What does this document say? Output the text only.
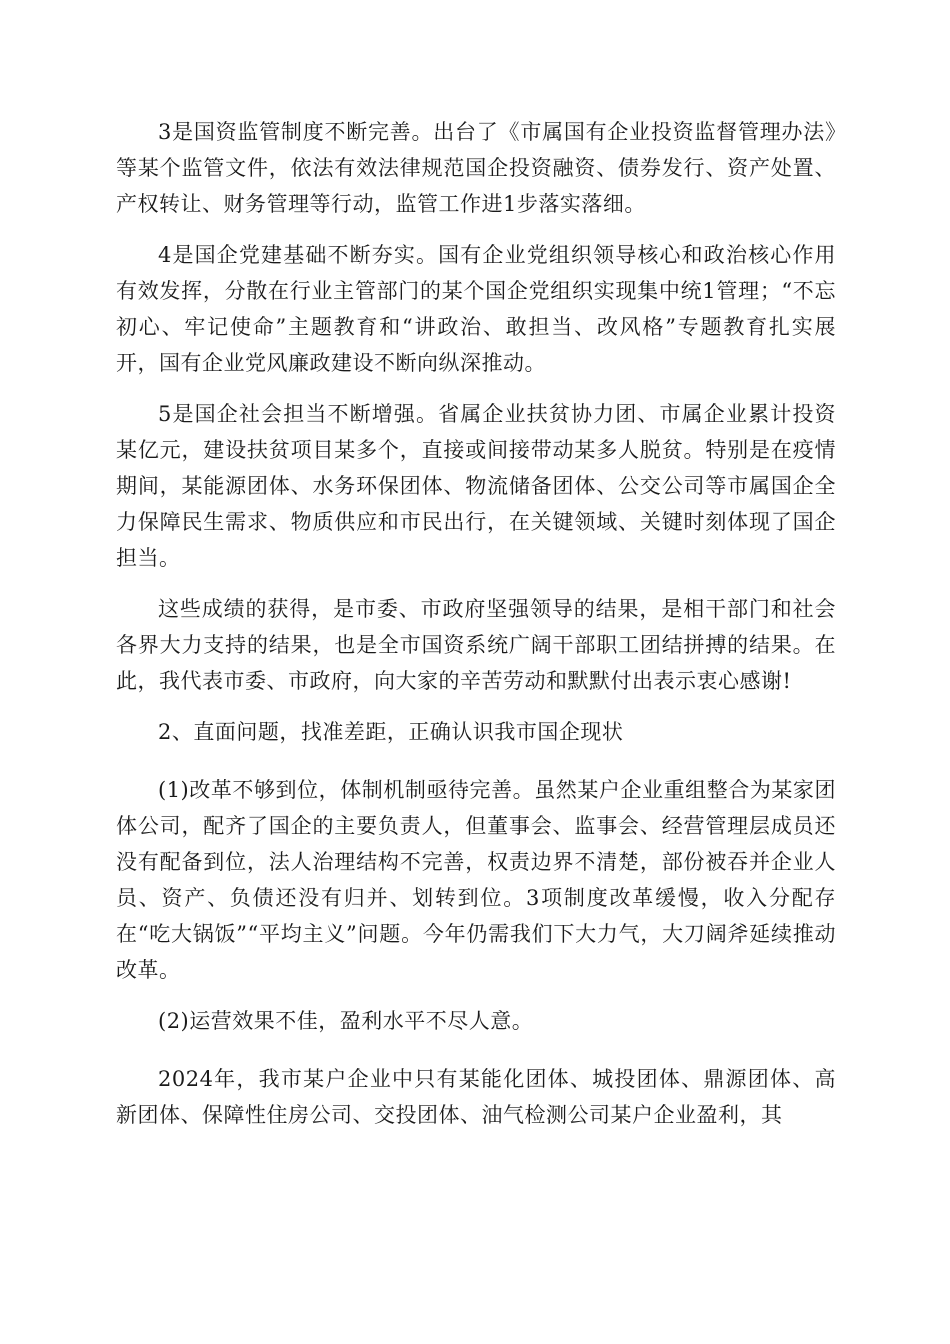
3是国资监管制度不断完善。出台了《市属国有企业投资监督管理办法》等某个监管文件，依法有效法律规范国企投资融资、债券发行、资产处置、产权转让、财务管理等行动，监管工作进1步落实落细。

4是国企党建基础不断夯实。国有企业党组织领导核心和政治核心作用有效发挥，分散在行业主管部门的某个国企党组织实现集中统1管理；“不忘初心、牢记使命”主题教育和“讲政治、敢担当、改风格”专题教育扎实展开，国有企业党风廉政建设不断向纵深推动。

5是国企社会担当不断增强。省属企业扶贫协力团、市属企业累计投资某亿元，建设扶贫项目某多个，直接或间接带动某多人脱贫。特别是在疫情期间，某能源团体、水务环保团体、物流储备团体、公交公司等市属国企全力保障民生需求、物质供应和市民出行，在关键领域、关键时刻体现了国企担当。

这些成绩的获得，是市委、市政府坚强领导的结果，是相干部门和社会各界大力支持的结果，也是全市国资系统广阔干部职工团结拼搏的结果。在此，我代表市委、市政府，向大家的辛苦劳动和默默付出表示衷心感谢!

2、直面问题，找准差距，正确认识我市国企现状

(1)改革不够到位，体制机制亟待完善。虽然某户企业重组整合为某家团体公司，配齐了国企的主要负责人，但董事会、监事会、经营管理层成员还没有配备到位，法人治理结构不完善，权责边界不清楚，部份被吞并企业人员、资产、负债还没有归并、划转到位。3项制度改革缓慢，收入分配存在“吃大锅饭”“平均主义”问题。今年仍需我们下大力气，大刀阔斧延续推动改革。

(2)运营效果不佳，盈利水平不尽人意。

2024年，我市某户企业中只有某能化团体、城投团体、鼎源团体、高新团体、保障性住房公司、交投团体、油气检测公司某户企业盈利，其
